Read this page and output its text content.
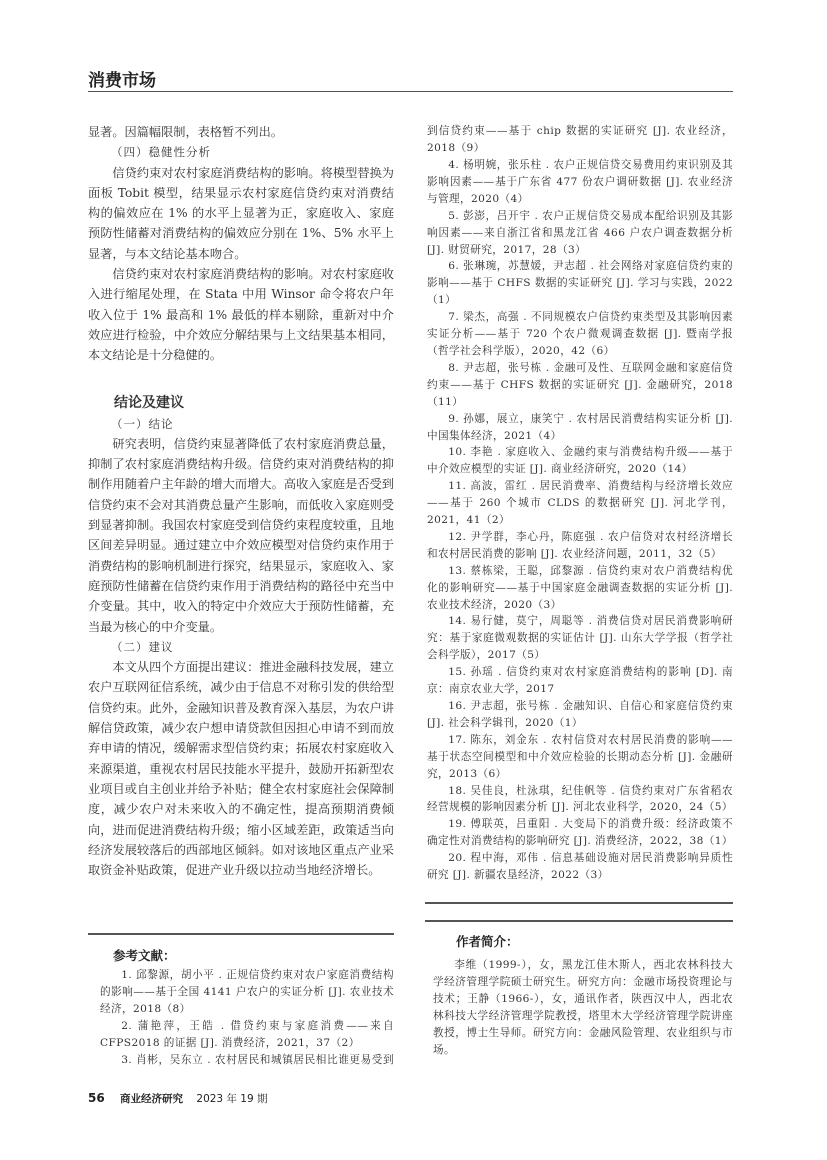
消费市场

显著。因篇幅限制，表格暂不列出。

（四）稳健性分析

信贷约束对农村家庭消费结构的影响。将模型替换为面板 Tobit 模型，结果显示农村家庭信贷约束对消费结构的偏效应在 1% 的水平上显著为正，家庭收入、家庭预防性储蓄对消费结构的偏效应分别在 1%、5% 水平上显著，与本文结论基本吻合。

信贷约束对农村家庭消费结构的影响。对农村家庭收入进行缩尾处理，在 Stata 中用 Winsor 命令将农户年收入位于 1% 最高和 1% 最低的样本剔除，重新对中介效应进行检验，中介效应分解结果与上文结果基本相同，本文结论是十分稳健的。

结论及建议
（一）结论

研究表明，信贷约束显著降低了农村家庭消费总量，抑制了农村家庭消费结构升级。信贷约束对消费结构的抑制作用随着户主年龄的增大而增大。高收入家庭是否受到信贷约束不会对其消费总量产生影响，而低收入家庭则受到显著抑制。我国农村家庭受到信贷约束程度较重，且地区间差异明显。通过建立中介效应模型对信贷约束作用于消费结构的影响机制进行探究，结果显示，家庭收入、家庭预防性储蓄在信贷约束作用于消费结构的路径中充当中介变量。其中，收入的特定中介效应大于预防性储蓄，充当最为核心的中介变量。

（二）建议

本文从四个方面提出建议：推进金融科技发展，建立农户互联网征信系统，减少由于信息不对称引发的供给型信贷约束。此外，金融知识普及教育深入基层，为农户讲解信贷政策，减少农户想申请贷款但因担心申请不到而放弃申请的情况，缓解需求型信贷约束；拓展农村家庭收入来源渠道，重视农村居民技能水平提升，鼓励开拓新型农业项目或自主创业并给予补贴；健全农村家庭社会保障制度，减少农户对未来收入的不确定性，提高预期消费倾向，进而促进消费结构升级；缩小区域差距，政策适当向经济发展较落后的西部地区倾斜。如对该地区重点产业采取资金补贴政策，促进产业升级以拉动当地经济增长。

参考文献：

1. 邱黎源，胡小平 . 正规信贷约束对农户家庭消费结构的影响——基于全国 4141 户农户的实证分析 [J]. 农业技术经济，2018（8）

2. 蒲艳萍，王皓 . 借贷约束与家庭消费——来自 CFPS2018 的证据 [J]. 消费经济，2021，37（2）

3. 肖彬，吴东立 . 农村居民和城镇居民相比谁更易受到

到信贷约束——基于 chip 数据的实证研究 [J]. 农业经济，2018（9）

4. 杨明婉，张乐柱 . 农户正规信贷交易费用约束识别及其影响因素——基于广东省 477 份农户调研数据 [J]. 农业经济与管理，2020（4）

5. 彭澎，吕开宇 . 农户正规信贷交易成本配给识别及其影响因素——来自浙江省和黑龙江省 466 户农户调查数据分析 [J]. 财贸研究，2017，28（3）

6. 张琳琬，苏慧媛，尹志超 . 社会网络对家庭信贷约束的影响——基于 CHFS 数据的实证研究 [J]. 学习与实践，2022（1）

7. 梁杰，高强 . 不同规模农户信贷约束类型及其影响因素实证分析——基于 720 个农户微观调查数据 [J]. 暨南学报（哲学社会科学版），2020，42（6）

8. 尹志超，张号栋 . 金融可及性、互联网金融和家庭信贷约束——基于 CHFS 数据的实证研究 [J]. 金融研究，2018（11）

9. 孙娜，展立，康笑宁 . 农村居民消费结构实证分析 [J]. 中国集体经济，2021（4）

10. 李艳 . 家庭收入、金融约束与消费结构升级——基于中介效应模型的实证 [J]. 商业经济研究，2020（14）

11. 高波，雷红 . 居民消费率、消费结构与经济增长效应——基于 260 个城市 CLDS 的数据研究 [J]. 河北学刊，2021，41（2）

12. 尹学群，李心丹，陈庭强 . 农户信贷对农村经济增长和农村居民消费的影响 [J]. 农业经济问题，2011，32（5）

13. 蔡栋梁，王聪，邱黎源 . 信贷约束对农户消费结构优化的影响研究——基于中国家庭金融调查数据的实证分析 [J]. 农业技术经济，2020（3）

14. 易行健，莫宁，周聪等 . 消费信贷对居民消费影响研究：基于家庭微观数据的实证估计 [J]. 山东大学学报（哲学社会科学版），2017（5）

15. 孙瑶 . 信贷约束对农村家庭消费结构的影响 [D]. 南京：南京农业大学，2017

16. 尹志超，张号栋 . 金融知识、自信心和家庭信贷约束 [J]. 社会科学辑刊，2020（1）

17. 陈东，刘金东 . 农村信贷对农村居民消费的影响——基于状态空间模型和中介效应检验的长期动态分析 [J]. 金融研究，2013（6）

18. 吴佳良，杜泳琪，纪佳帆等 . 信贷约束对广东省稻农经营规模的影响因素分析 [J]. 河北农业科学，2020，24（5）

19. 傅联英，吕重阳 . 大变局下的消费升级：经济政策不确定性对消费结构的影响研究 [J]. 消费经济，2022，38（1）

20. 程中海，邓伟 . 信息基础设施对居民消费影响异质性研究 [J]. 新疆农垦经济，2022（3）

作者简介：

李维（1999-），女，黑龙江佳木斯人，西北农林科技大学经济管理学院硕士研究生。研究方向：金融市场投资理论与技术；王静（1966-），女，通讯作者，陕西汉中人，西北农林科技大学经济管理学院教授，塔里木大学经济管理学院讲座教授，博士生导师。研究方向：金融风险管理、农业组织与市场。

56 商业经济研究 2023 年 19 期
